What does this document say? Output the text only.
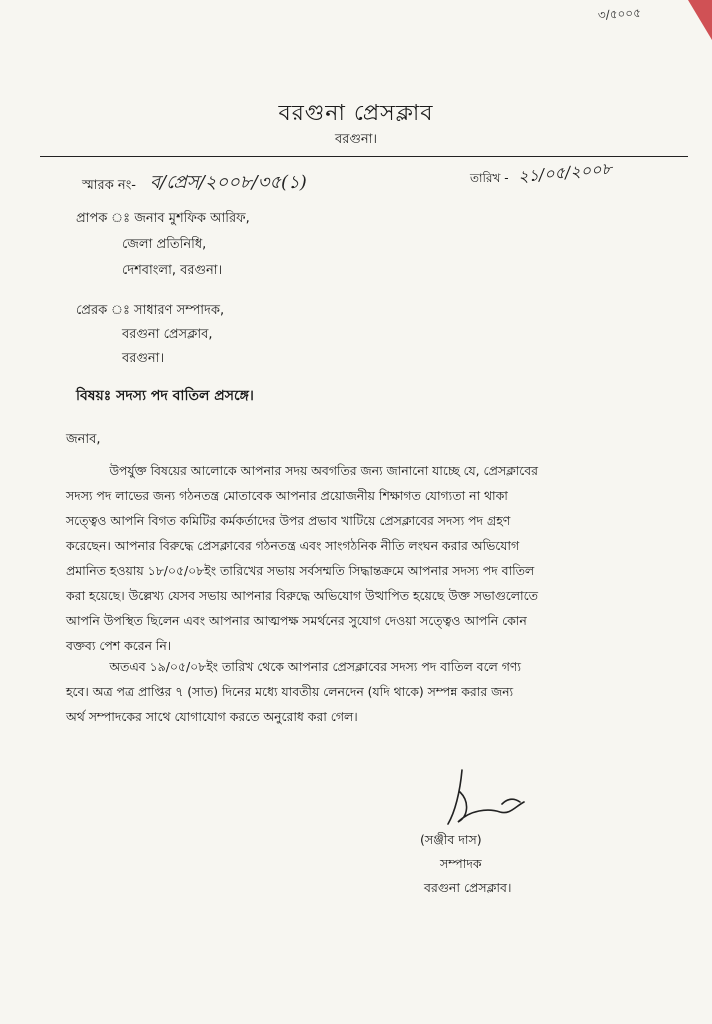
৩/৫০০৫
বরগুনা প্রেসক্লাব
বরগুনা।
স্মারক নং- ব/প্রেস/২০০৮/৩৫(১)	তারিখ - ২১/০৫/২০০৮
প্রাপক ঃ জনাব মুশফিক আরিফ,
জেলা প্রতিনিধি,
দেশবাংলা, বরগুনা।
প্রেরক ঃ সাধারণ সম্পাদক,
বরগুনা প্রেসক্লাব,
বরগুনা।
বিষয়ঃ সদস্য পদ বাতিল প্রসঙ্গে।
জনাব,
উপর্যুক্ত বিষয়ের আলোকে আপনার সদয় অবগতির জন্য জানানো যাচ্ছে যে, প্রেসক্লাবের
সদস্য পদ লাভের জন্য গঠনতন্ত্র মোতাবেক আপনার প্রয়োজনীয় শিক্ষাগত যোগ্যতা না থাকা
সত্ত্বেও আপনি বিগত কমিটির কর্মকর্তাদের উপর প্রভাব খাটিয়ে প্রেসক্লাবের সদস্য পদ গ্রহণ
করেছেন। আপনার বিরুদ্ধে প্রেসক্লাবের গঠনতন্ত্র এবং সাংগঠনিক নীতি লংঘন করার অভিযোগ
প্রমানিত হওয়ায় ১৮/০৫/০৮ইং তারিখের সভায় সর্বসম্মতি সিদ্ধান্তক্রমে আপনার সদস্য পদ বাতিল
করা হয়েছে। উল্লেখ্য যেসব সভায় আপনার বিরুদ্ধে অভিযোগ উত্থাপিত হয়েছে উক্ত সভাগুলোতে
আপনি উপস্থিত ছিলেন এবং আপনার আত্মপক্ষ সমর্থনের সুযোগ দেওয়া সত্ত্বেও আপনি কোন
বক্তব্য পেশ করেন নি।
অতএব ১৯/০৫/০৮ইং তারিখ থেকে আপনার প্রেসক্লাবের সদস্য পদ বাতিল বলে গণ্য
হবে। অত্র পত্র প্রাপ্তির ৭ (সাত) দিনের মধ্যে যাবতীয় লেনদেন (যদি থাকে) সম্পন্ন করার জন্য
অর্থ সম্পাদকের সাথে যোগাযোগ করতে অনুরোধ করা গেল।
(সঞ্জীব দাস)
সম্পাদক
বরগুনা প্রেসক্লাব।
